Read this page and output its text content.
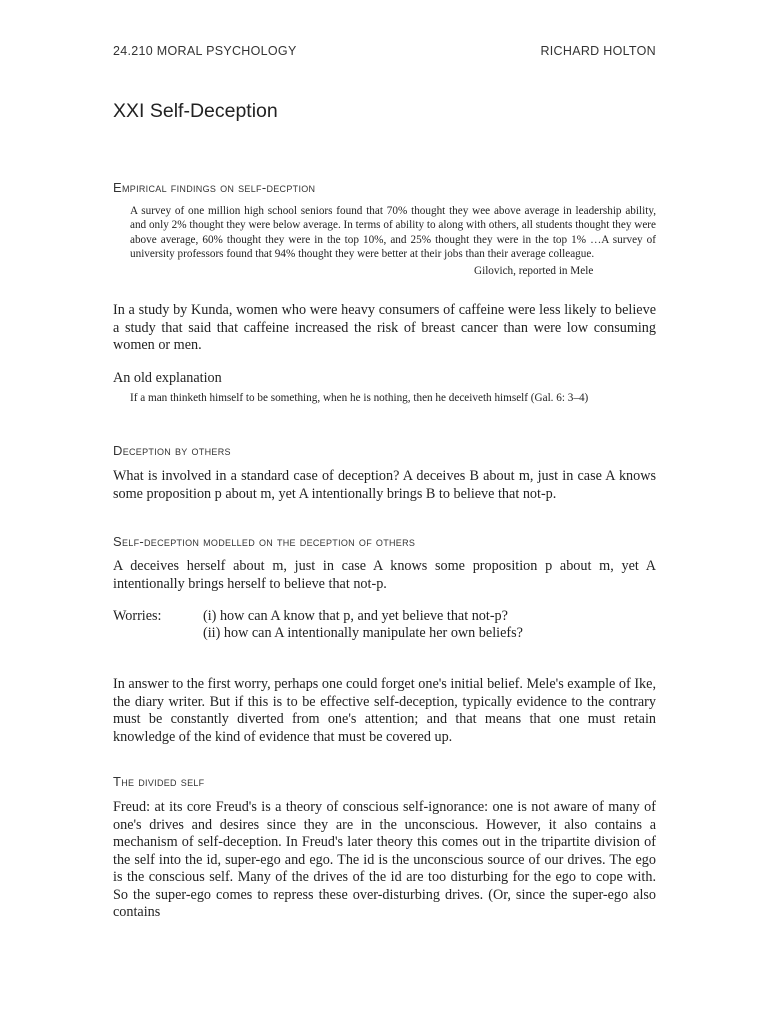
24.210 MORAL PSYCHOLOGY	RICHARD HOLTON
XXI Self-Deception
Empirical findings on self-decption

A survey of one million high school seniors found that 70% thought they wee above average in leadership ability, and only 2% thought they were below average. In terms of ability to along with others, all students thought they were above average, 60% thought they were in the top 10%, and 25% thought they were in the top 1% …A survey of university professors found that 94% thought they were better at their jobs than their average colleague.

Gilovich, reported in Mele

In a study by Kunda, women who were heavy consumers of caffeine were less likely to believe a study that said that caffeine increased the risk of breast cancer than were low consuming women or men.

An old explanation

If a man thinketh himself to be something, when he is nothing, then he deceiveth himself (Gal. 6: 3–4)

Deception by others

What is involved in a standard case of deception? A deceives B about m, just in case A knows some proposition p about m, yet A intentionally brings B to believe that not-p.

Self-deception modelled on the deception of others

A deceives herself about m, just in case A knows some proposition p about m, yet A intentionally brings herself to believe that not-p.

Worries:	(i) how can A know that p, and yet believe that not-p?
(ii) how can A intentionally manipulate her own beliefs?

In answer to the first worry, perhaps one could forget one's initial belief. Mele's example of Ike, the diary writer. But if this is to be effective self-deception, typically evidence to the contrary must be constantly diverted from one's attention; and that means that one must retain knowledge of the kind of evidence that must be covered up.

The divided self

Freud: at its core Freud's is a theory of conscious self-ignorance: one is not aware of many of one's drives and desires since they are in the unconscious. However, it also contains a mechanism of self-deception. In Freud's later theory this comes out in the tripartite division of the self into the id, super-ego and ego. The id is the unconscious source of our drives. The ego is the conscious self. Many of the drives of the id are too disturbing for the ego to cope with. So the super-ego comes to repress these over-disturbing drives. (Or, since the super-ego also contains
